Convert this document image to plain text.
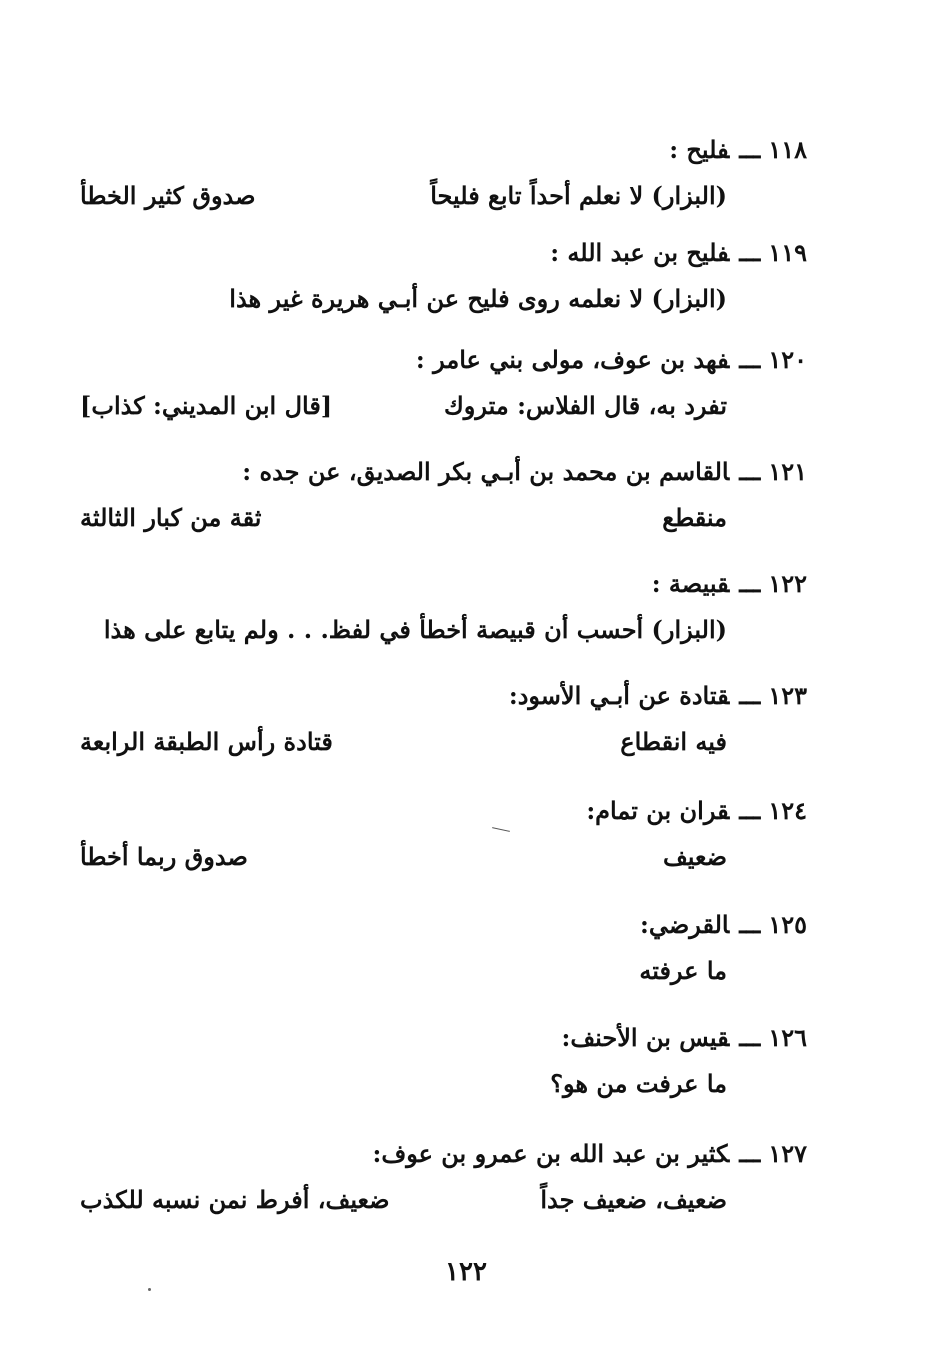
١١٨ـــفليح :
(البزار) لا نعلم أحداً تابع فليحاً
صدوق كثير الخطأ
١١٩ـــفليح بن عبد الله :
(البزار) لا نعلمه روى فليح عن أبـي هريرة غير هذا
١٢٠ـــفهد بن عوف، مولى بني عامر :
تفرد به، قال الفلاس: متروك
[قال ابن المديني: كذاب]
١٢١ـــالقاسم بن محمد بن أبـي بكر الصديق، عن جده :
منقطع
ثقة من كبار الثالثة
١٢٢ـــقبيصة :
(البزار) أحسب أن قبيصة أخطأ في لفظ. . . ولم يتابع على هذا
١٢٣ـــقتادة عن أبـي الأسود:
فيه انقطاع
قتادة رأس الطبقة الرابعة
١٢٤ـــقران بن تمام:
ضعيف
صدوق ربما أخطأ
١٢٥ـــالقرضي:
ما عرفته
١٢٦ـــقيس بن الأحنف:
ما عرفت من هو؟
١٢٧ـــكثير بن عبد الله بن عمرو بن عوف:
ضعيف، ضعيف جداً
ضعيف، أفرط نمن نسبه للكذب
١٢٢
